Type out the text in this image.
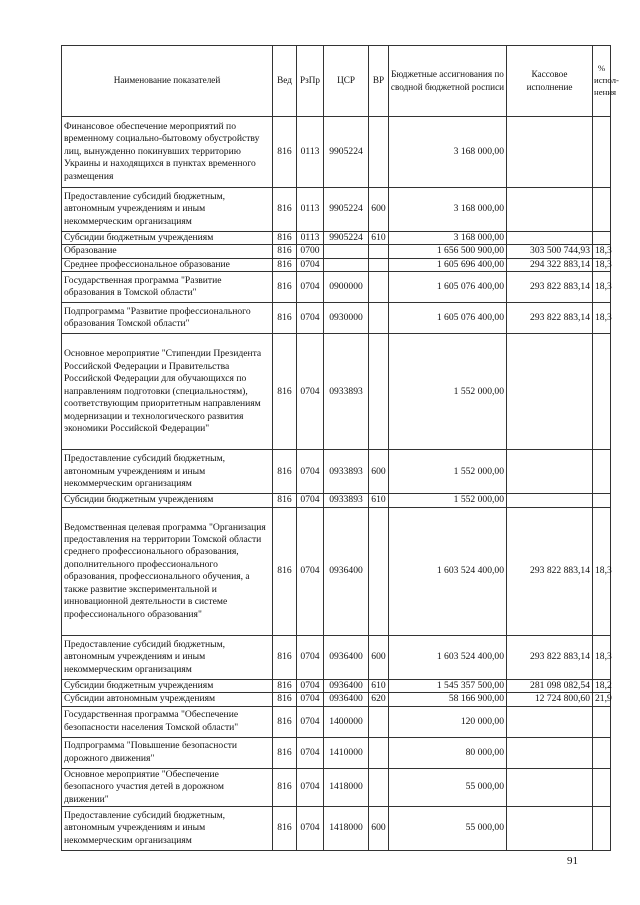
Наименование показателей	Вед	РзПр	ЦСР	ВР	Бюджетные ассигнования по сводной бюджетной росписи	Кассовое исполнение	% испол-нения
Финансовое обеспечение мероприятий по временному социально-бытовому обустройству лиц, вынужденно покинувших территорию Украины и находящихся в пунктах временного размещения	816	0113	9905224		3 168 000,00		
Предоставление субсидий бюджетным, автономным учреждениям и иным некоммерческим организациям	816	0113	9905224	600	3 168 000,00		
Субсидии бюджетным учреждениям	816	0113	9905224	610	3 168 000,00		
Образование	816	0700			1 656 500 900,00	303 500 744,93	18,3
Среднее профессиональное образование	816	0704			1 605 696 400,00	294 322 883,14	18,3
Государственная программа "Развитие образования в Томской области"	816	0704	0900000		1 605 076 400,00	293 822 883,14	18,3
Подпрограмма "Развитие профессионального образования Томской области"	816	0704	0930000		1 605 076 400,00	293 822 883,14	18,3
Основное мероприятие "Стипендии Президента Российской Федерации и Правительства Российской Федерации для обучающихся по направлениям подготовки (специальностям), соответствующим приоритетным направлениям модернизации и технологического развития экономики Российской Федерации"	816	0704	0933893		1 552 000,00		
Предоставление субсидий бюджетным, автономным учреждениям и иным некоммерческим организациям	816	0704	0933893	600	1 552 000,00		
Субсидии бюджетным учреждениям	816	0704	0933893	610	1 552 000,00		
Ведомственная целевая программа "Организация предоставления на территории Томской области среднего профессионального образования, дополнительного профессионального образования, профессионального обучения, а также развитие экспериментальной и инновационной деятельности в системе профессионального образования"	816	0704	0936400		1 603 524 400,00	293 822 883,14	18,3
Предоставление субсидий бюджетным, автономным учреждениям и иным некоммерческим организациям	816	0704	0936400	600	1 603 524 400,00	293 822 883,14	18,3
Субсидии бюджетным учреждениям	816	0704	0936400	610	1 545 357 500,00	281 098 082,54	18,2
Субсидии автономным учреждениям	816	0704	0936400	620	58 166 900,00	12 724 800,60	21,9
Государственная программа "Обеспечение безопасности населения Томской области"	816	0704	1400000		120 000,00		
Подпрограмма "Повышение безопасности дорожного движения"	816	0704	1410000		80 000,00		
Основное мероприятие "Обеспечение безопасного участия детей в дорожном движении"	816	0704	1418000		55 000,00		
Предоставление субсидий бюджетным, автономным учреждениям и иным некоммерческим организациям	816	0704	1418000	600	55 000,00		
91
